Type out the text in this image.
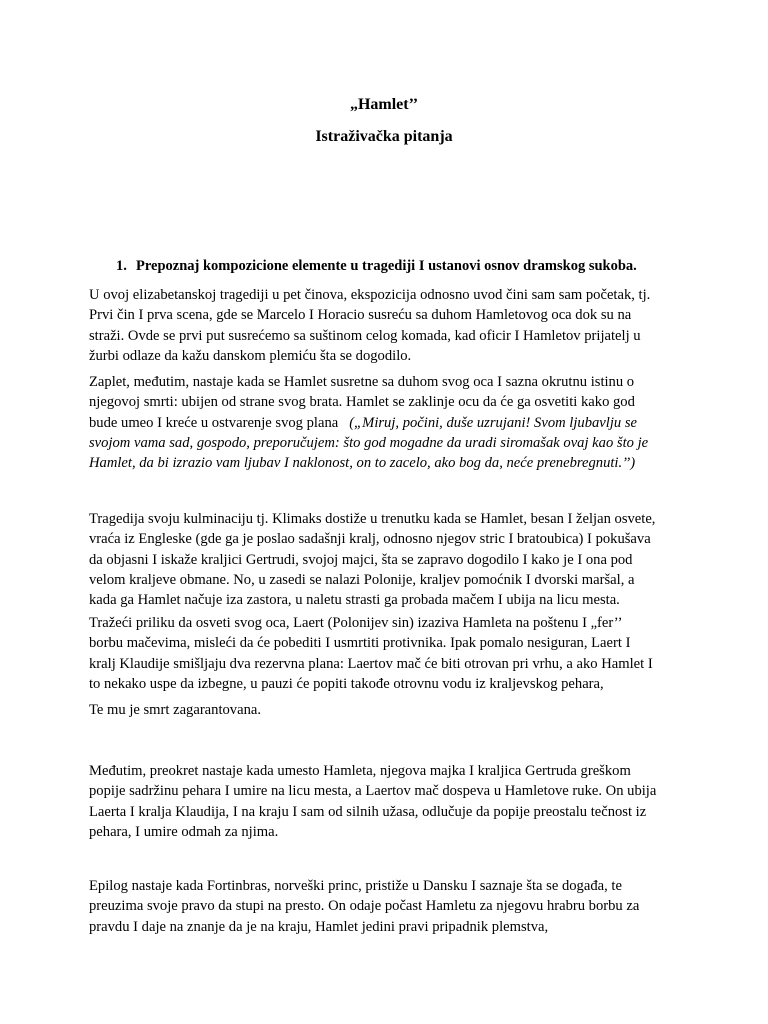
„Hamlet’’
Istraživačka pitanja
1. Prepoznaj kompozicione elemente u tragediji I ustanovi osnov dramskog sukoba.
U ovoj elizabetanskoj tragediji u pet činova, ekspozicija odnosno uvod čini sam sam početak, tj.
Prvi čin I prva scena, gde se Marcelo I Horacio susreću sa duhom Hamletovog oca dok su na
straži. Ovde se prvi put susrećemo sa suštinom celog komada, kad oficir I Hamletov prijatelj u
žurbi odlaze da kažu danskom plemiću šta se dogodilo.
Zaplet, međutim, nastaje kada se Hamlet susretne sa duhom svog oca I sazna okrutnu istinu o
njegovoj smrti: ubijen od strane svog brata. Hamlet se zaklinje ocu da će ga osvetiti kako god
bude umeo I kreće u ostvarenje svog plana („Miruj, počini, duše uzrujani! Svom ljubavlju se
svojom vama sad, gospodo, preporučujem: što god mogadne da uradi siromašak ovaj kao što je
Hamlet, da bi izrazio vam ljubav I naklonost, on to zacelo, ako bog da, neće prenebregnuti.’’)
Tragedija svoju kulminaciju tj. Klimaks dostiže u trenutku kada se Hamlet, besan I željan osvete,
vraća iz Engleske (gde ga je poslao sadašnji kralj, odnosno njegov stric I bratoubica) I pokušava
da objasni I iskaže kraljici Gertrudi, svojoj majci, šta se zapravo dogodilo I kako je I ona pod
velom kraljeve obmane. No, u zasedi se nalazi Polonije, kraljev pomoćnik I dvorski maršal, a
kada ga Hamlet načuje iza zastora, u naletu strasti ga probada mačem I ubija na licu mesta.
Tražeći priliku da osveti svog oca, Laert (Polonijev sin) izaziva Hamleta na poštenu I „fer’’
borbu mačevima, misleći da će pobediti I usmrtiti protivnika. Ipak pomalo nesiguran, Laert I
kralj Klaudije smišljaju dva rezervna plana: Laertov mač će biti otrovan pri vrhu, a ako Hamlet I
to nekako uspe da izbegne, u pauzi će popiti takođe otrovnu vodu iz kraljevskog pehara,
Te mu je smrt zagarantovana.
Međutim, preokret nastaje kada umesto Hamleta, njegova majka I kraljica Gertruda greškom
popije sadržinu pehara I umire na licu mesta, a Laertov mač dospeva u Hamletove ruke. On ubija
Laerta I kralja Klaudija, I na kraju I sam od silnih užasa, odlučuje da popije preostalu tečnost iz
pehara, I umire odmah za njima.
Epilog nastaje kada Fortinbras, norveški princ, pristiže u Dansku I saznaje šta se događa, te
preuzima svoje pravo da stupi na presto. On odaje počast Hamletu za njegovu hrabru borbu za
pravdu I daje na znanje da je na kraju, Hamlet jedini pravi pripadnik plemstva,
